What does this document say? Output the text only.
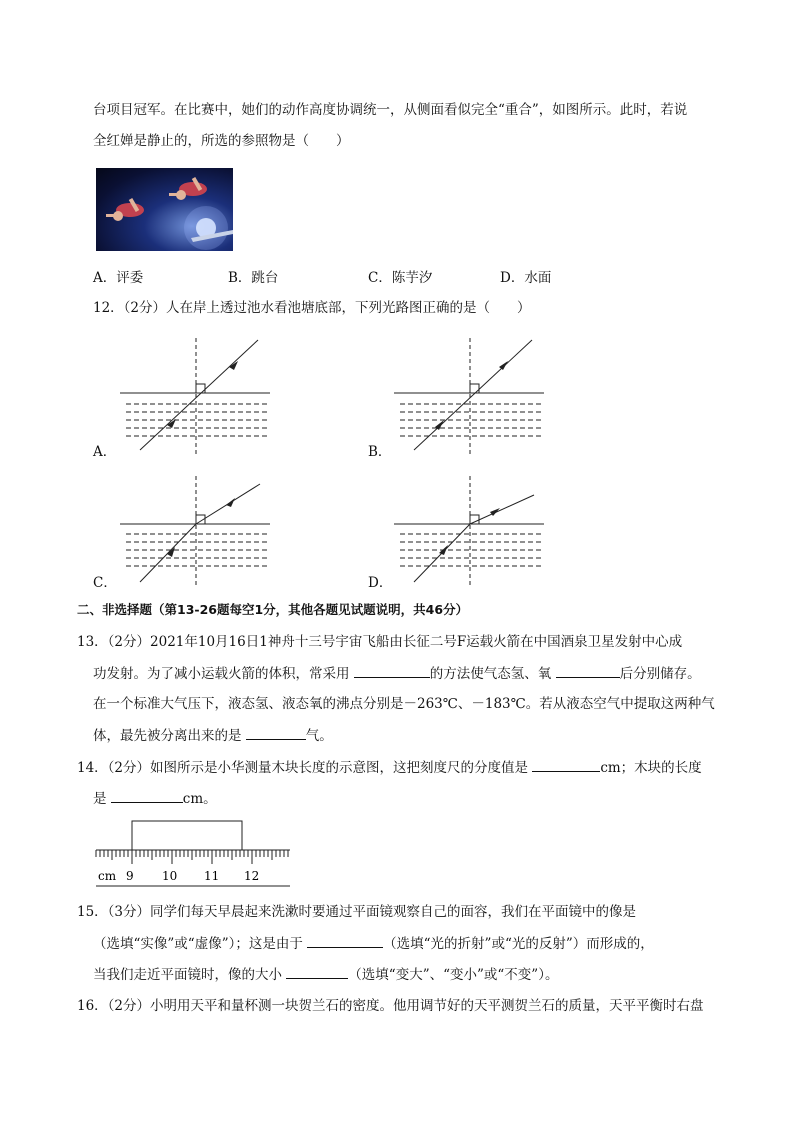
台项目冠军。在比赛中，她们的动作高度协调统一，从侧面看似完全“重合”，如图所示。此时，若说
全红婵是静止的，所选的参照物是（　　）
A．评委	B．跳台	C．陈芋汐	D．水面
12．（2分）人在岸上透过池水看池塘底部，下列光路图正确的是（　　）
A．	B．
C．	D．
二、非选择题（第13-26题每空1分，其他各题见试题说明，共46分）
13．（2分）2021年10月16日1神舟十三号宇宙飞船由长征二号F运载火箭在中国酒泉卫星发射中心成
功发射。为了减小运载火箭的体积，常采用	的方法使气态氢、氧	后分别储存。
在一个标准大气压下，液态氢、液态氧的沸点分别是－263℃、－183℃。若从液态空气中提取这两种气
体，最先被分离出来的是	气。
14．（2分）如图所示是小华测量木块长度的示意图，这把刻度尺的分度值是	cm；木块的长度
是	cm。
cm 9 10 11 12
15．（3分）同学们每天早晨起来洗漱时要通过平面镜观察自己的面容，我们在平面镜中的像是
（选填“实像”或“虚像”）；这是由于	（选填“光的折射”或“光的反射”）而形成的，
当我们走近平面镜时，像的大小	（选填“变大”、“变小”或“不变”）。
16．（2分）小明用天平和量杯测一块贺兰石的密度。他用调节好的天平测贺兰石的质量，天平平衡时右盘
